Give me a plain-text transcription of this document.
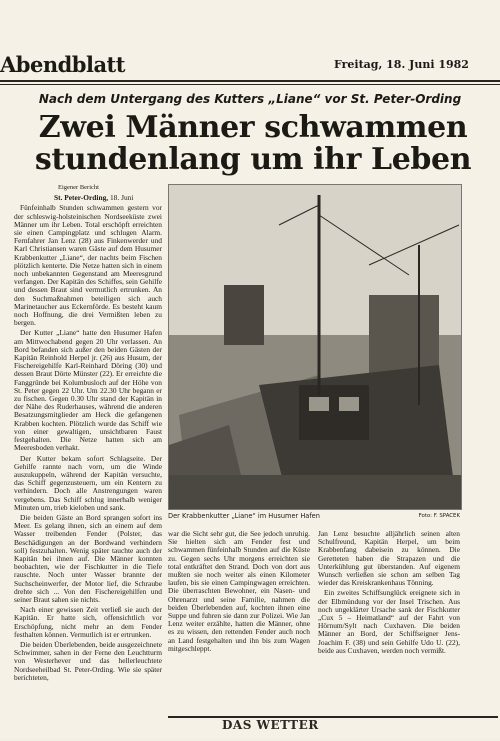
Abendblatt	Freitag, 18. Juni 1982
Nach dem Untergang des Kutters „Liane“ vor St. Peter-Ording
Zwei Männer schwammen
stundenlang um ihr Leben

Eigener Bericht

St. Peter-Ording, 18. Juni

Fünfeinhalb Stunden schwammen gestern vor der schleswig-holsteinischen Nordseeküste zwei Männer um ihr Leben. Total erschöpft erreichten sie einen Campingplatz und schlugen Alarm. Fernfahrer Jan Lenz (28) aus Finkenwerder und Karl Christiansen waren Gäste auf dem Husumer Krabbenkutter „Liane“, der nachts beim Fischen plötzlich kenterte. Die Netze hatten sich in einem noch unbekannten Gegenstand am Meeresgrund verfangen. Der Kapitän des Schiffes, sein Gehilfe und dessen Braut sind vermutlich ertrunken. An den Suchmaßnahmen beteiligen sich auch Marinetaucher aus Eckernförde. Es besteht kaum noch Hoffnung, die drei Vermißten leben zu bergen.

Der Kutter „Liane“ hatte den Husumer Hafen am Mittwochabend gegen 20 Uhr verlassen. An Bord befanden sich außer den beiden Gästen der Kapitän Reinhold Herpel jr. (26) aus Husum, der Fischereigehilfe Karl-Reinhard Döring (30) und dessen Braut Dörte Münster (22). Er erreichte die Fanggründe bei Kolumbusloch auf der Höhe von St. Peter gegen 22 Uhr. Um 22.30 Uhr begann er zu fischen. Gegen 0.30 Uhr stand der Kapitän in der Nähe des Ruderhauses, während die anderen Besatzungsmitglieder am Heck die gefangenen Krabben kochten. Plötzlich wurde das Schiff wie von einer gewaltigen, unsichtbaren Faust festgehalten. Die Netze hatten sich am Meeresboden verhakt.

Der Kutter bekam sofort Schlagseite. Der Gehilfe rannte nach vorn, um die Winde auszukuppeln, während der Kapitän versuchte, das Schiff gegenzusteuern, um ein Kentern zu verhindern. Doch alle Anstrengungen waren vergebens. Das Schiff schlug innerhalb weniger Minuten um, trieb kieloben und sank.

Die beiden Gäste an Bord sprangen sofort ins Meer. Es gelang ihnen, sich an einem auf dem Wasser treibenden Fender (Polster, das Beschädigungen an der Bordwand verhindern soll) festzuhalten. Wenig später tauchte auch der Kapitän bei ihnen auf. Die Männer konnten beobachten, wie der Fischkutter in die Tiefe rauschte. Noch unter Wasser brannte der Suchscheinwerfer, der Motor lief, die Schraube drehte sich ... Von den Fischereigehilfen und seiner Braut sahen sie nichts.

Nach einer gewissen Zeit verließ sie auch der Kapitän. Er hatte sich, offensichtlich vor Erschöpfung, nicht mehr an dem Fender festhalten können. Vermutlich ist er ertrunken.

Die beiden Überlebenden, beide ausgezeichnete Schwimmer, sahen in der Ferne den Leuchtturm von Westerhever und das hellerleuchtete Nordseeheilbad St. Peter-Ording. Wie sie später berichteten,

Der Krabbenkutter „Liane“ im Husumer Hafen	Foto: F. SPACEK

war die Sicht sehr gut, die See jedoch unruhig. Sie hielten sich am Fender fest und schwammen fünfeinhalb Stunden auf die Küste zu. Gegen sechs Uhr morgens erreichten sie total entkräftet den Strand. Doch von dort aus mußten sie noch weiter als einen Kilometer laufen, bis sie einen Campingwagen erreichten. Die überraschten Bewohner, ein Nasen- und Ohrenarzt und seine Familie, nahmen die beiden Überlebenden auf, kochten ihnen eine Suppe und fuhren sie dann zur Polizei. Wie Jan Lenz weiter erzählte, hatten die Männer, ohne es zu wissen, den rettenden Fender auch noch an Land festgehalten und ihn bis zum Wagen mitgeschleppt.

Jan Lenz besuchte alljährlich seinen alten Schulfreund, Kapitän Herpel, um beim Krabbenfang dabeisein zu können. Die Geretteten haben die Strapazen und die Unterkühlung gut überstanden. Auf eigenem Wunsch verließen sie schon am selben Tag wieder das Kreiskrankenhaus Tönning.

Ein zweites Schiffsunglück ereignete sich in der Elbmündung vor der Insel Trischen. Aus noch ungeklärter Ursache sank der Fischkutter „Cux 5 – Heimatland“ auf der Fahrt von Hörnum/Sylt nach Cuxhaven. Die beiden Männer an Bord, der Schiffseigner Jens-Joachim F. (38) und sein Gehilfe Udo U. (22), beide aus Cuxhaven, werden noch vermißt.

DAS WETTER
